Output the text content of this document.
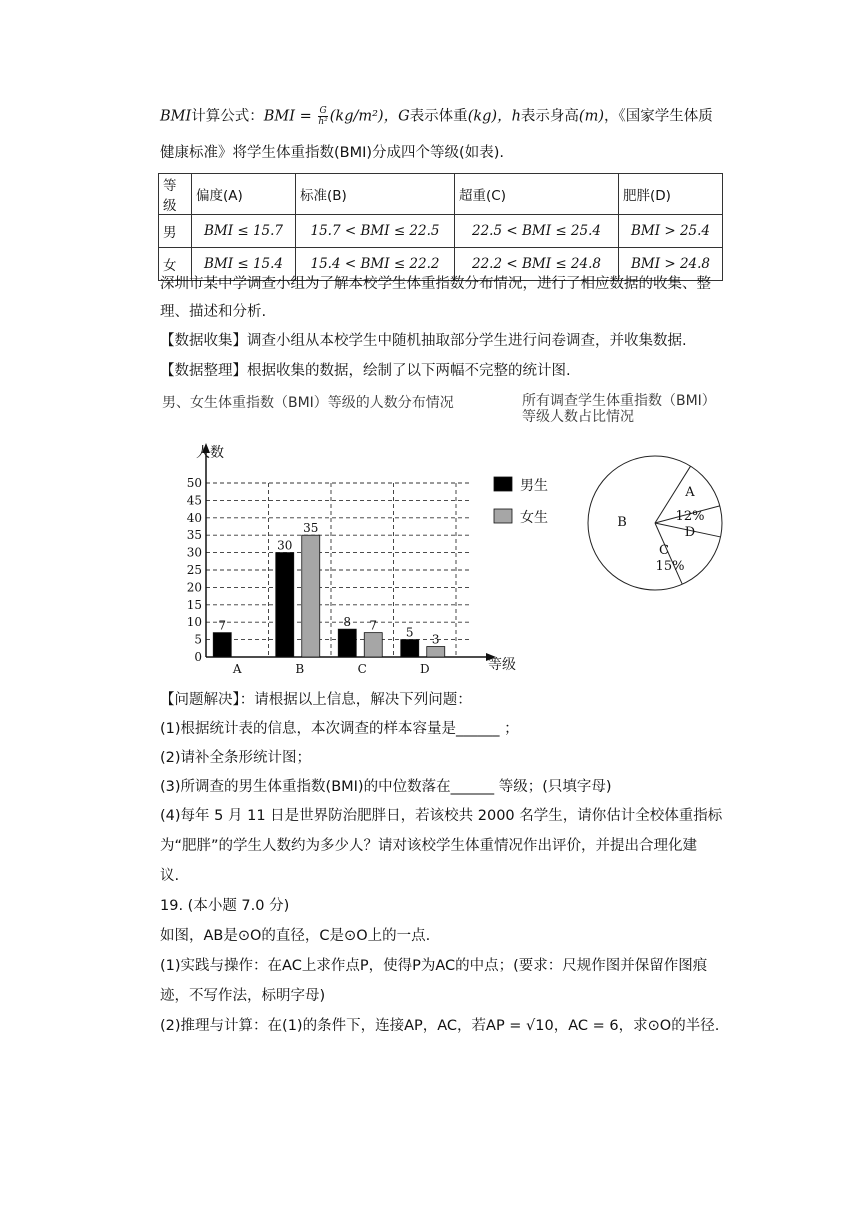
BMI计算公式：BMI = $\frac{G}{\text{h²}} (kg/m^2)$，G表示体重(kg)，h表示身高(m)，《国家学生体质
健康标准》将学生体重指数(BMI)分成四个等级(如表).
等级	偏度(A)	标准(B)	超重(C)	肥胖(D)
男	BMI ≤ 15.7	15.7 < BMI ≤ 22.5	22.5 < BMI ≤ 25.4	BMI > 25.4
女	BMI ≤ 15.4	15.4 < BMI ≤ 22.2	22.2 < BMI ≤ 24.8	BMI > 24.8
深圳市某中学调查小组为了解本校学生体重指数分布情况，进行了相应数据的收集、整
理、描述和分析.
【数据收集】调查小组从本校学生中随机抽取部分学生进行问卷调查，并收集数据.
【数据整理】根据收集的数据，绘制了以下两幅不完整的统计图.
男、女生体重指数（BMI）等级的人数分布情况	所有调查学生体重指数（BMI）
等级人数占比情况
0
5
10
15
20
25
30
35
40
45
50
人数
等级
A	B	C	D
7
30
8
5
35
7
3
男生
女生
A
12%
B
C
15%
D
【问题解决】：请根据以上信息，解决下列问题：
(1)根据统计表的信息，本次调查的样本容量是______ ；
(2)请补全条形统计图；
(3)所调查的男生体重指数(BMI)的中位数落在______ 等级；(只填字母)
(4)每年 5 月 11 日是世界防治肥胖日，若该校共 2000 名学生，请你估计全校体重指标
为“肥胖”的学生人数约为多少人？请对该校学生体重情况作出评价，并提出合理化建
议.
19. (本小题 7.0 分)
如图，AB是⊙O的直径，C是⊙O上的一点.
(1)实践与操作：在AC上求作点P，使得P为AC的中点；(要求：尺规作图并保留作图痕
迹，不写作法，标明字母)
(2)推理与计算：在(1)的条件下，连接AP，AC，若AP = √10，AC = 6，求⊙O的半径.
